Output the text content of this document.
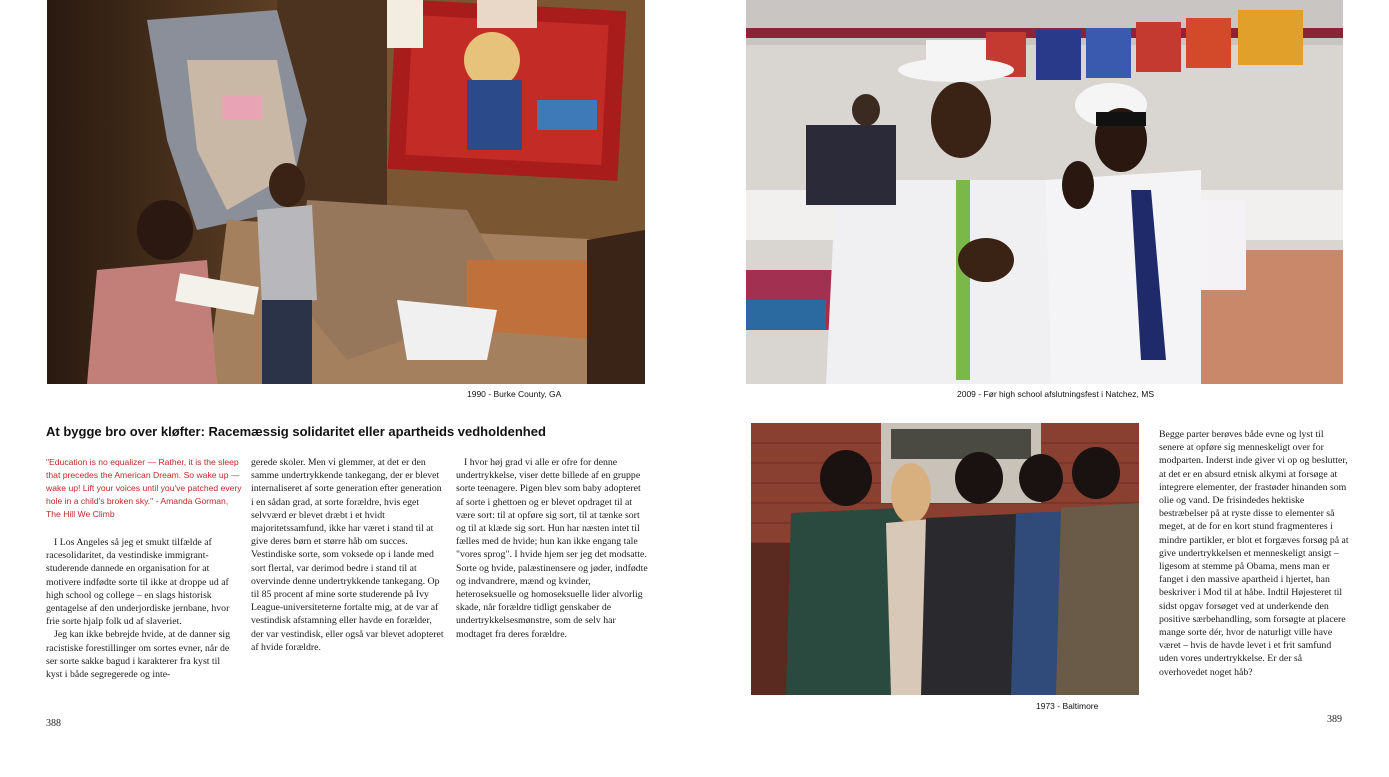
1990 - Burke County, GA	2009 - Før high school afslutningsfest i Natchez, MS
1973 - Baltimore
At bygge bro over kløfter: Racemæssig solidaritet eller apartheids vedholdenhed
"Education is no equalizer — Rather, it is the sleep that precedes the American Dream. So wake up — wake up! Lift your voices until you've patched every hole in a child's broken sky." - Amanda Gorman, The Hill We Climb

I Los Angeles så jeg et smukt tilfælde af racesolidaritet, da vestindiske immigrant-studerende dannede en organisation for at motivere indfødte sorte til ikke at droppe ud af high school og college – en slags historisk gentagelse af den underjordiske jernbane, hvor frie sorte hjalp folk ud af slaveriet.

Jeg kan ikke bebrejde hvide, at de danner sig racistiske forestillinger om sortes evner, når de ser sorte sakke bagud i karakterer fra kyst til kyst i både segregerede og inte-

gerede skoler. Men vi glemmer, at det er den samme undertrykkende tankegang, der er blevet internaliseret af sorte generation efter generation i en sådan grad, at sorte forældre, hvis eget selvværd er blevet dræbt i et hvidt majoritetssamfund, ikke har været i stand til at give deres børn et større håb om succes. Vestindiske sorte, som voksede op i lande med sort flertal, var derimod bedre i stand til at overvinde denne undertrykkende tankegang. Op til 85 procent af mine sorte studerende på Ivy League-universiteterne fortalte mig, at de var af vestindisk afstamning eller havde en forælder, der var vestindisk, eller også var blevet adopteret af hvide forældre.

I hvor høj grad vi alle er ofre for denne undertrykkelse, viser dette billede af en gruppe sorte teenagere. Pigen blev som baby adopteret af sorte i ghettoen og er blevet opdraget til at være sort: til at opføre sig sort, til at tænke sort og til at klæde sig sort. Hun har næsten intet til fælles med de hvide; hun kan ikke engang tale "vores sprog". I hvide hjem ser jeg det modsatte. Sorte og hvide, palæstinensere og jøder, indfødte og indvandrere, mænd og kvinder, heteroseksuelle og homoseksuelle lider alvorlig skade, når forældre tidligt genskaber de undertrykkelsesmønstre, som de selv har modtaget fra deres forældre.

388

Begge parter berøves både evne og lyst til senere at opføre sig menneskeligt over for modparten. Inderst inde giver vi op og beslutter, at det er en absurd etnisk alkymi at forsøge at integrere elementer, der frastøder hinanden som olie og vand. De frisindedes hektiske bestræbelser på at ryste disse to elementer så meget, at de for en kort stund fragmenteres i mindre partikler, er blot et forgæves forsøg på at give undertrykkelsen et menneskeligt ansigt – ligesom at stemme på Obama, mens man er fanget i den massive apartheid i hjertet, han beskriver i Mod til at håbe. Indtil Højesteret til sidst opgav forsøget ved at underkende den positive særbehandling, som forsøgte at placere mange sorte dér, hvor de naturligt ville have været – hvis de havde levet i et frit samfund uden vores undertrykkelse. Er der så overhovedet noget håb?

389
